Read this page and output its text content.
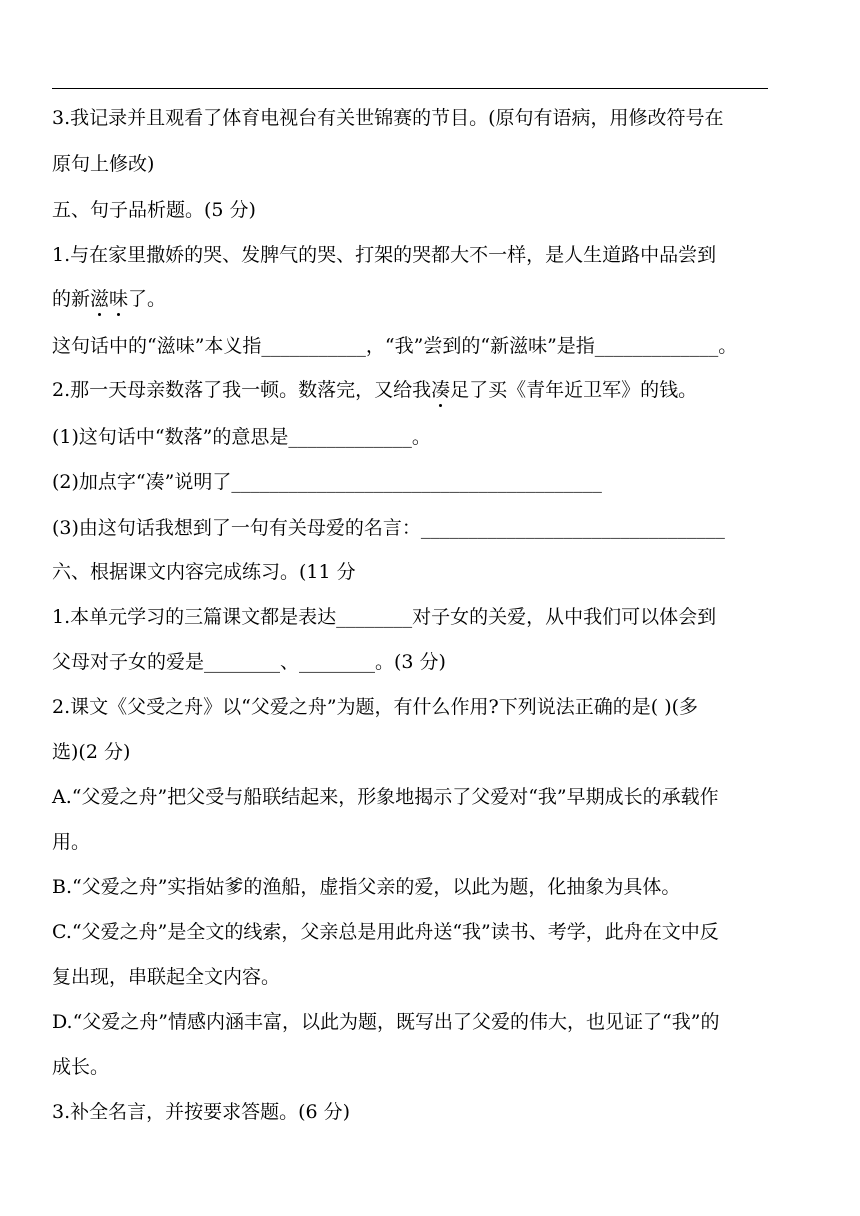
3.我记录并且观看了体育电视台有关世锦赛的节目。(原句有语病，用修改符号在
原句上修改)
五、句子品析题。(5 分)
1.与在家里撒娇的哭、发脾气的哭、打架的哭都大不一样，是人生道路中品尝到
的新滋味了。
这句话中的“滋味”本义指___________，“我”尝到的“新滋味”是指_____________。
2.那一天母亲数落了我一顿。数落完，又给我凑足了买《青年近卫军》的钱。
(1)这句话中“数落”的意思是_____________。
(2)加点字“凑”说明了_______________________________________
(3)由这句话我想到了一句有关母爱的名言：________________________________
六、根据课文内容完成练习。(11 分
1.本单元学习的三篇课文都是表达________对子女的关爱，从中我们可以体会到
父母对子女的爱是________、________。(3 分)
2.课文《父受之舟》以“父爱之舟”为题，有什么作用?下列说法正确的是( )(多
选)(2 分)
A.“父爱之舟”把父受与船联结起来，形象地揭示了父爱对“我”早期成长的承载作
用。
B.“父爱之舟”实指姑爹的渔船，虚指父亲的爱，以此为题，化抽象为具体。
C.“父爱之舟”是全文的线索，父亲总是用此舟送“我”读书、考学，此舟在文中反
复出现，串联起全文内容。
D.“父爱之舟”情感内涵丰富，以此为题，既写出了父爱的伟大，也见证了“我”的
成长。
3.补全名言，并按要求答题。(6 分)
